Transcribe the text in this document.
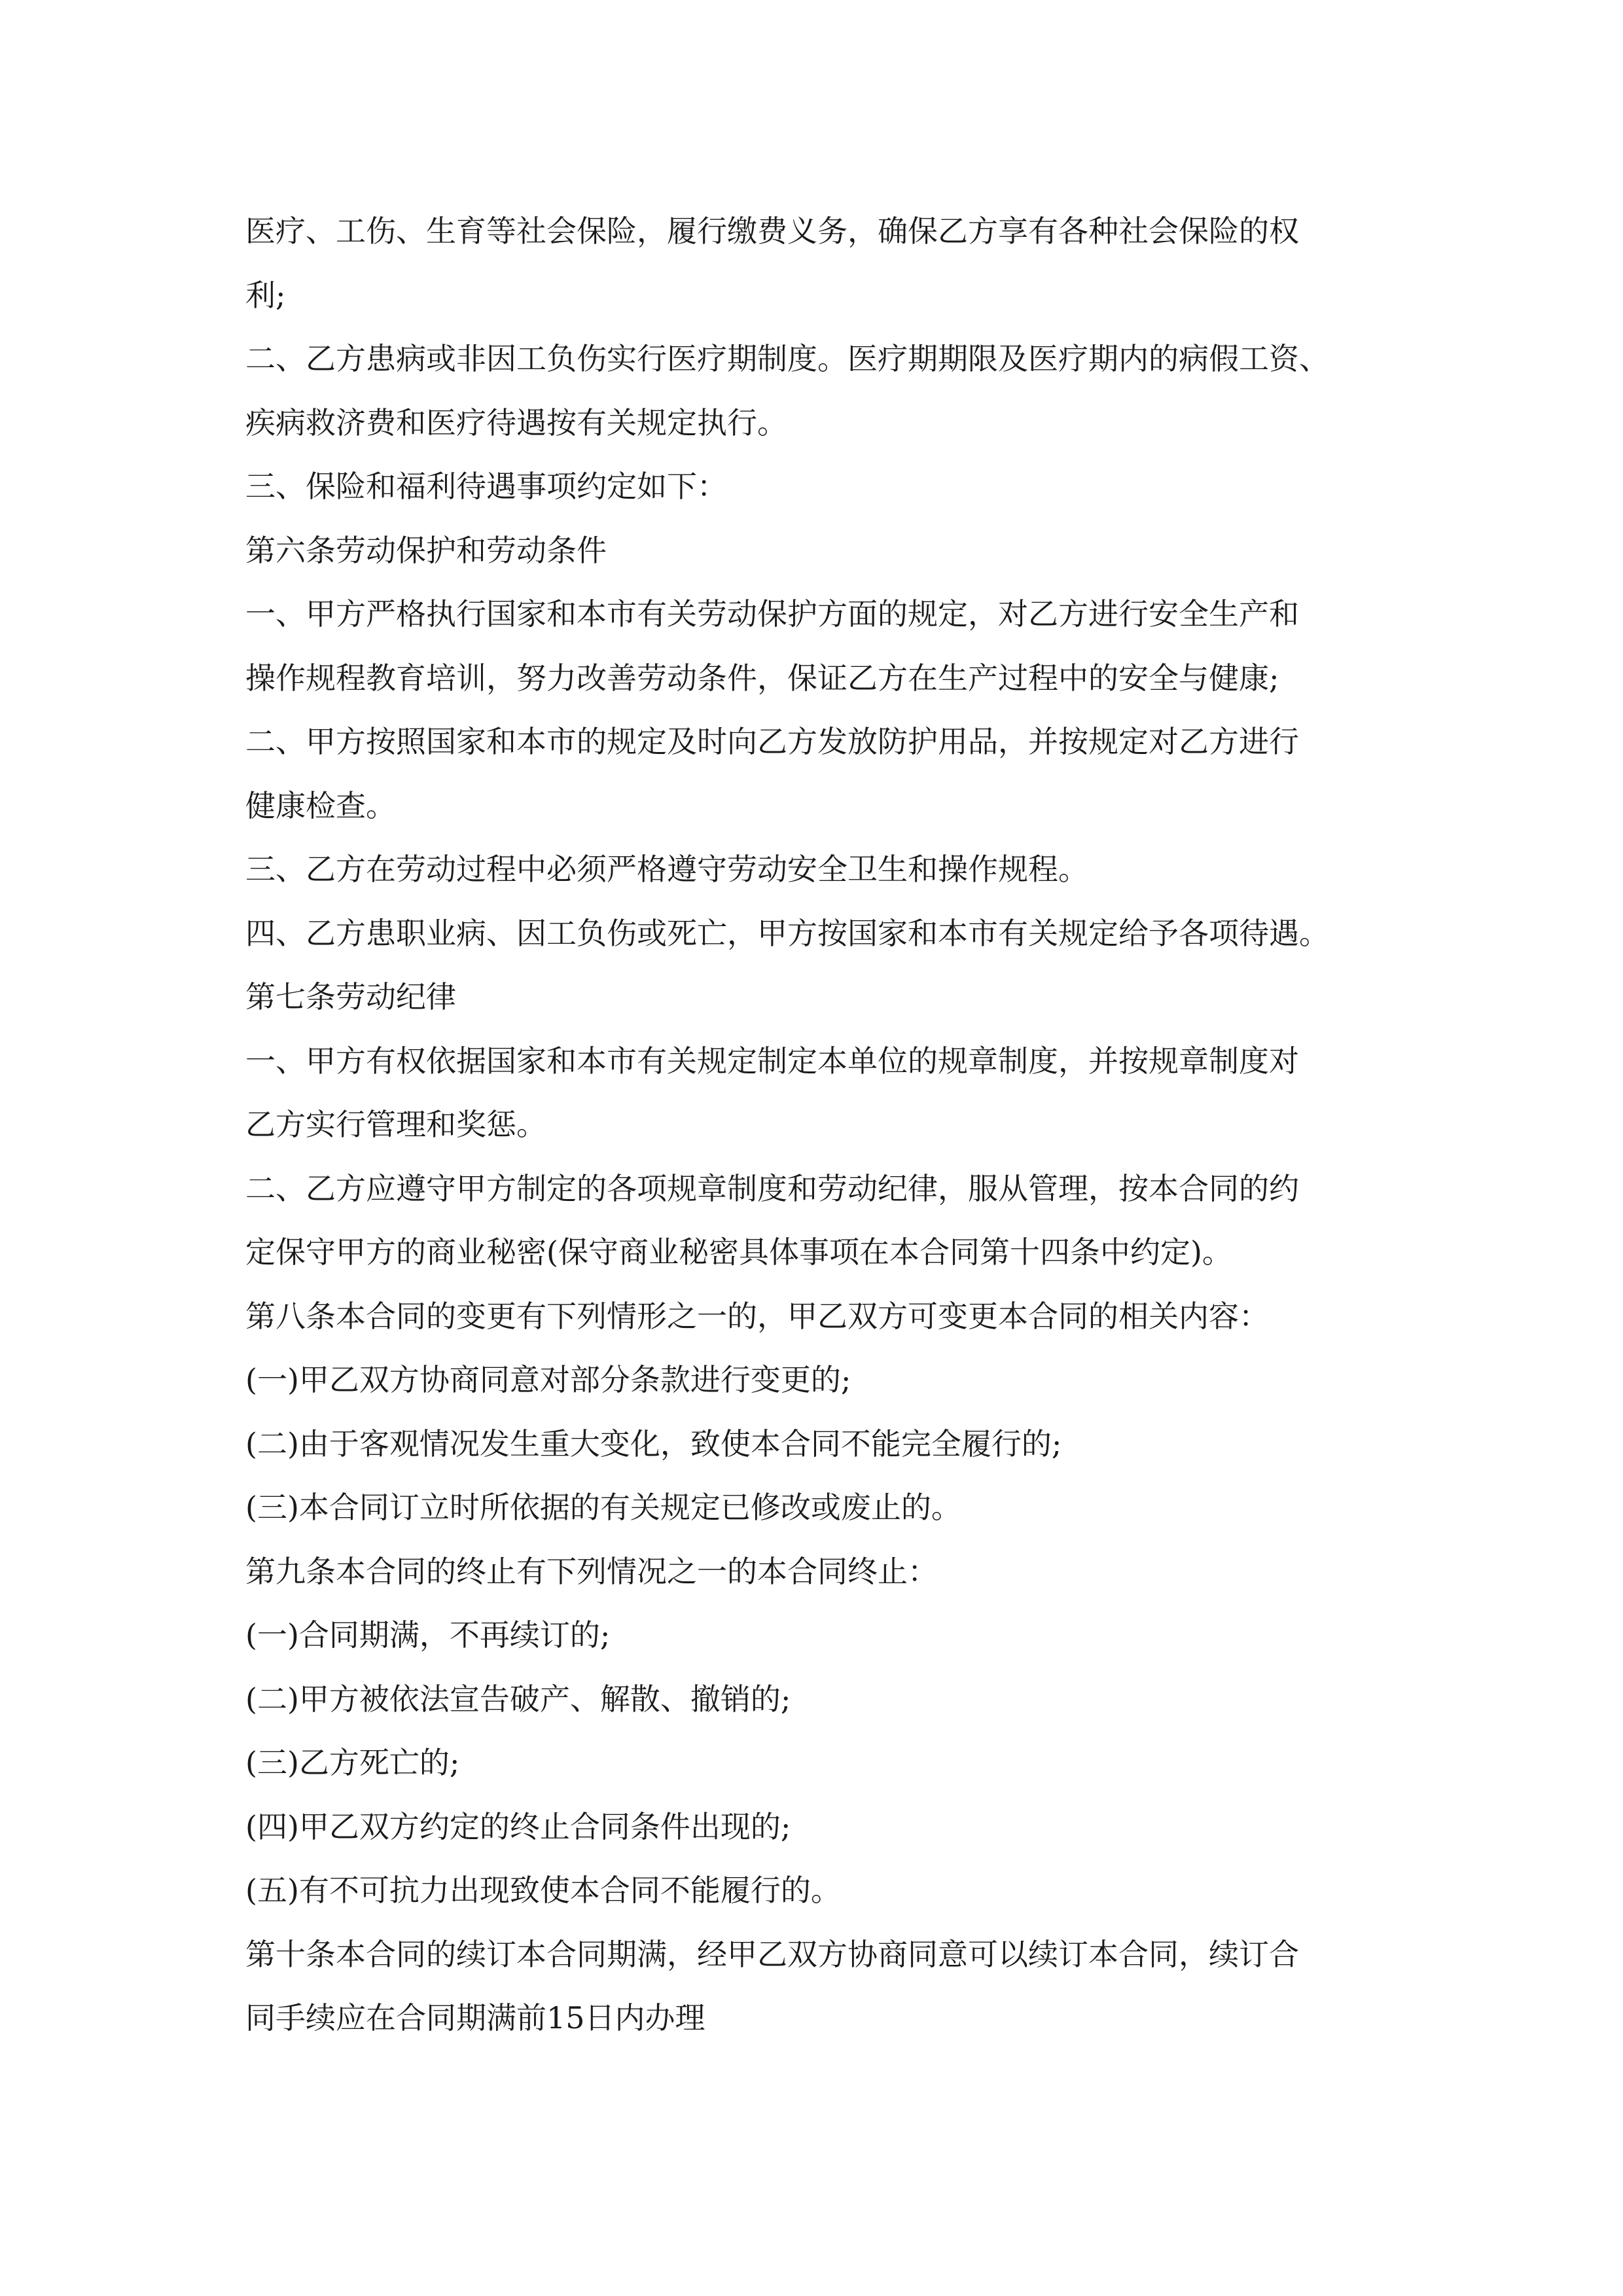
医疗、工伤、生育等社会保险，履行缴费义务，确保乙方享有各种社会保险的权
利;
二、乙方患病或非因工负伤实行医疗期制度。医疗期期限及医疗期内的病假工资、
疾病救济费和医疗待遇按有关规定执行。
三、保险和福利待遇事项约定如下：
第六条劳动保护和劳动条件
一、甲方严格执行国家和本市有关劳动保护方面的规定，对乙方进行安全生产和
操作规程教育培训，努力改善劳动条件，保证乙方在生产过程中的安全与健康;
二、甲方按照国家和本市的规定及时向乙方发放防护用品，并按规定对乙方进行
健康检查。
三、乙方在劳动过程中必须严格遵守劳动安全卫生和操作规程。
四、乙方患职业病、因工负伤或死亡，甲方按国家和本市有关规定给予各项待遇。
第七条劳动纪律
一、甲方有权依据国家和本市有关规定制定本单位的规章制度，并按规章制度对
乙方实行管理和奖惩。
二、乙方应遵守甲方制定的各项规章制度和劳动纪律，服从管理，按本合同的约
定保守甲方的商业秘密(保守商业秘密具体事项在本合同第十四条中约定)。
第八条本合同的变更有下列情形之一的，甲乙双方可变更本合同的相关内容：
(一)甲乙双方协商同意对部分条款进行变更的;
(二)由于客观情况发生重大变化，致使本合同不能完全履行的;
(三)本合同订立时所依据的有关规定已修改或废止的。
第九条本合同的终止有下列情况之一的本合同终止：
(一)合同期满，不再续订的;
(二)甲方被依法宣告破产、解散、撤销的;
(三)乙方死亡的;
(四)甲乙双方约定的终止合同条件出现的;
(五)有不可抗力出现致使本合同不能履行的。
第十条本合同的续订本合同期满，经甲乙双方协商同意可以续订本合同，续订合
同手续应在合同期满前15日内办理
